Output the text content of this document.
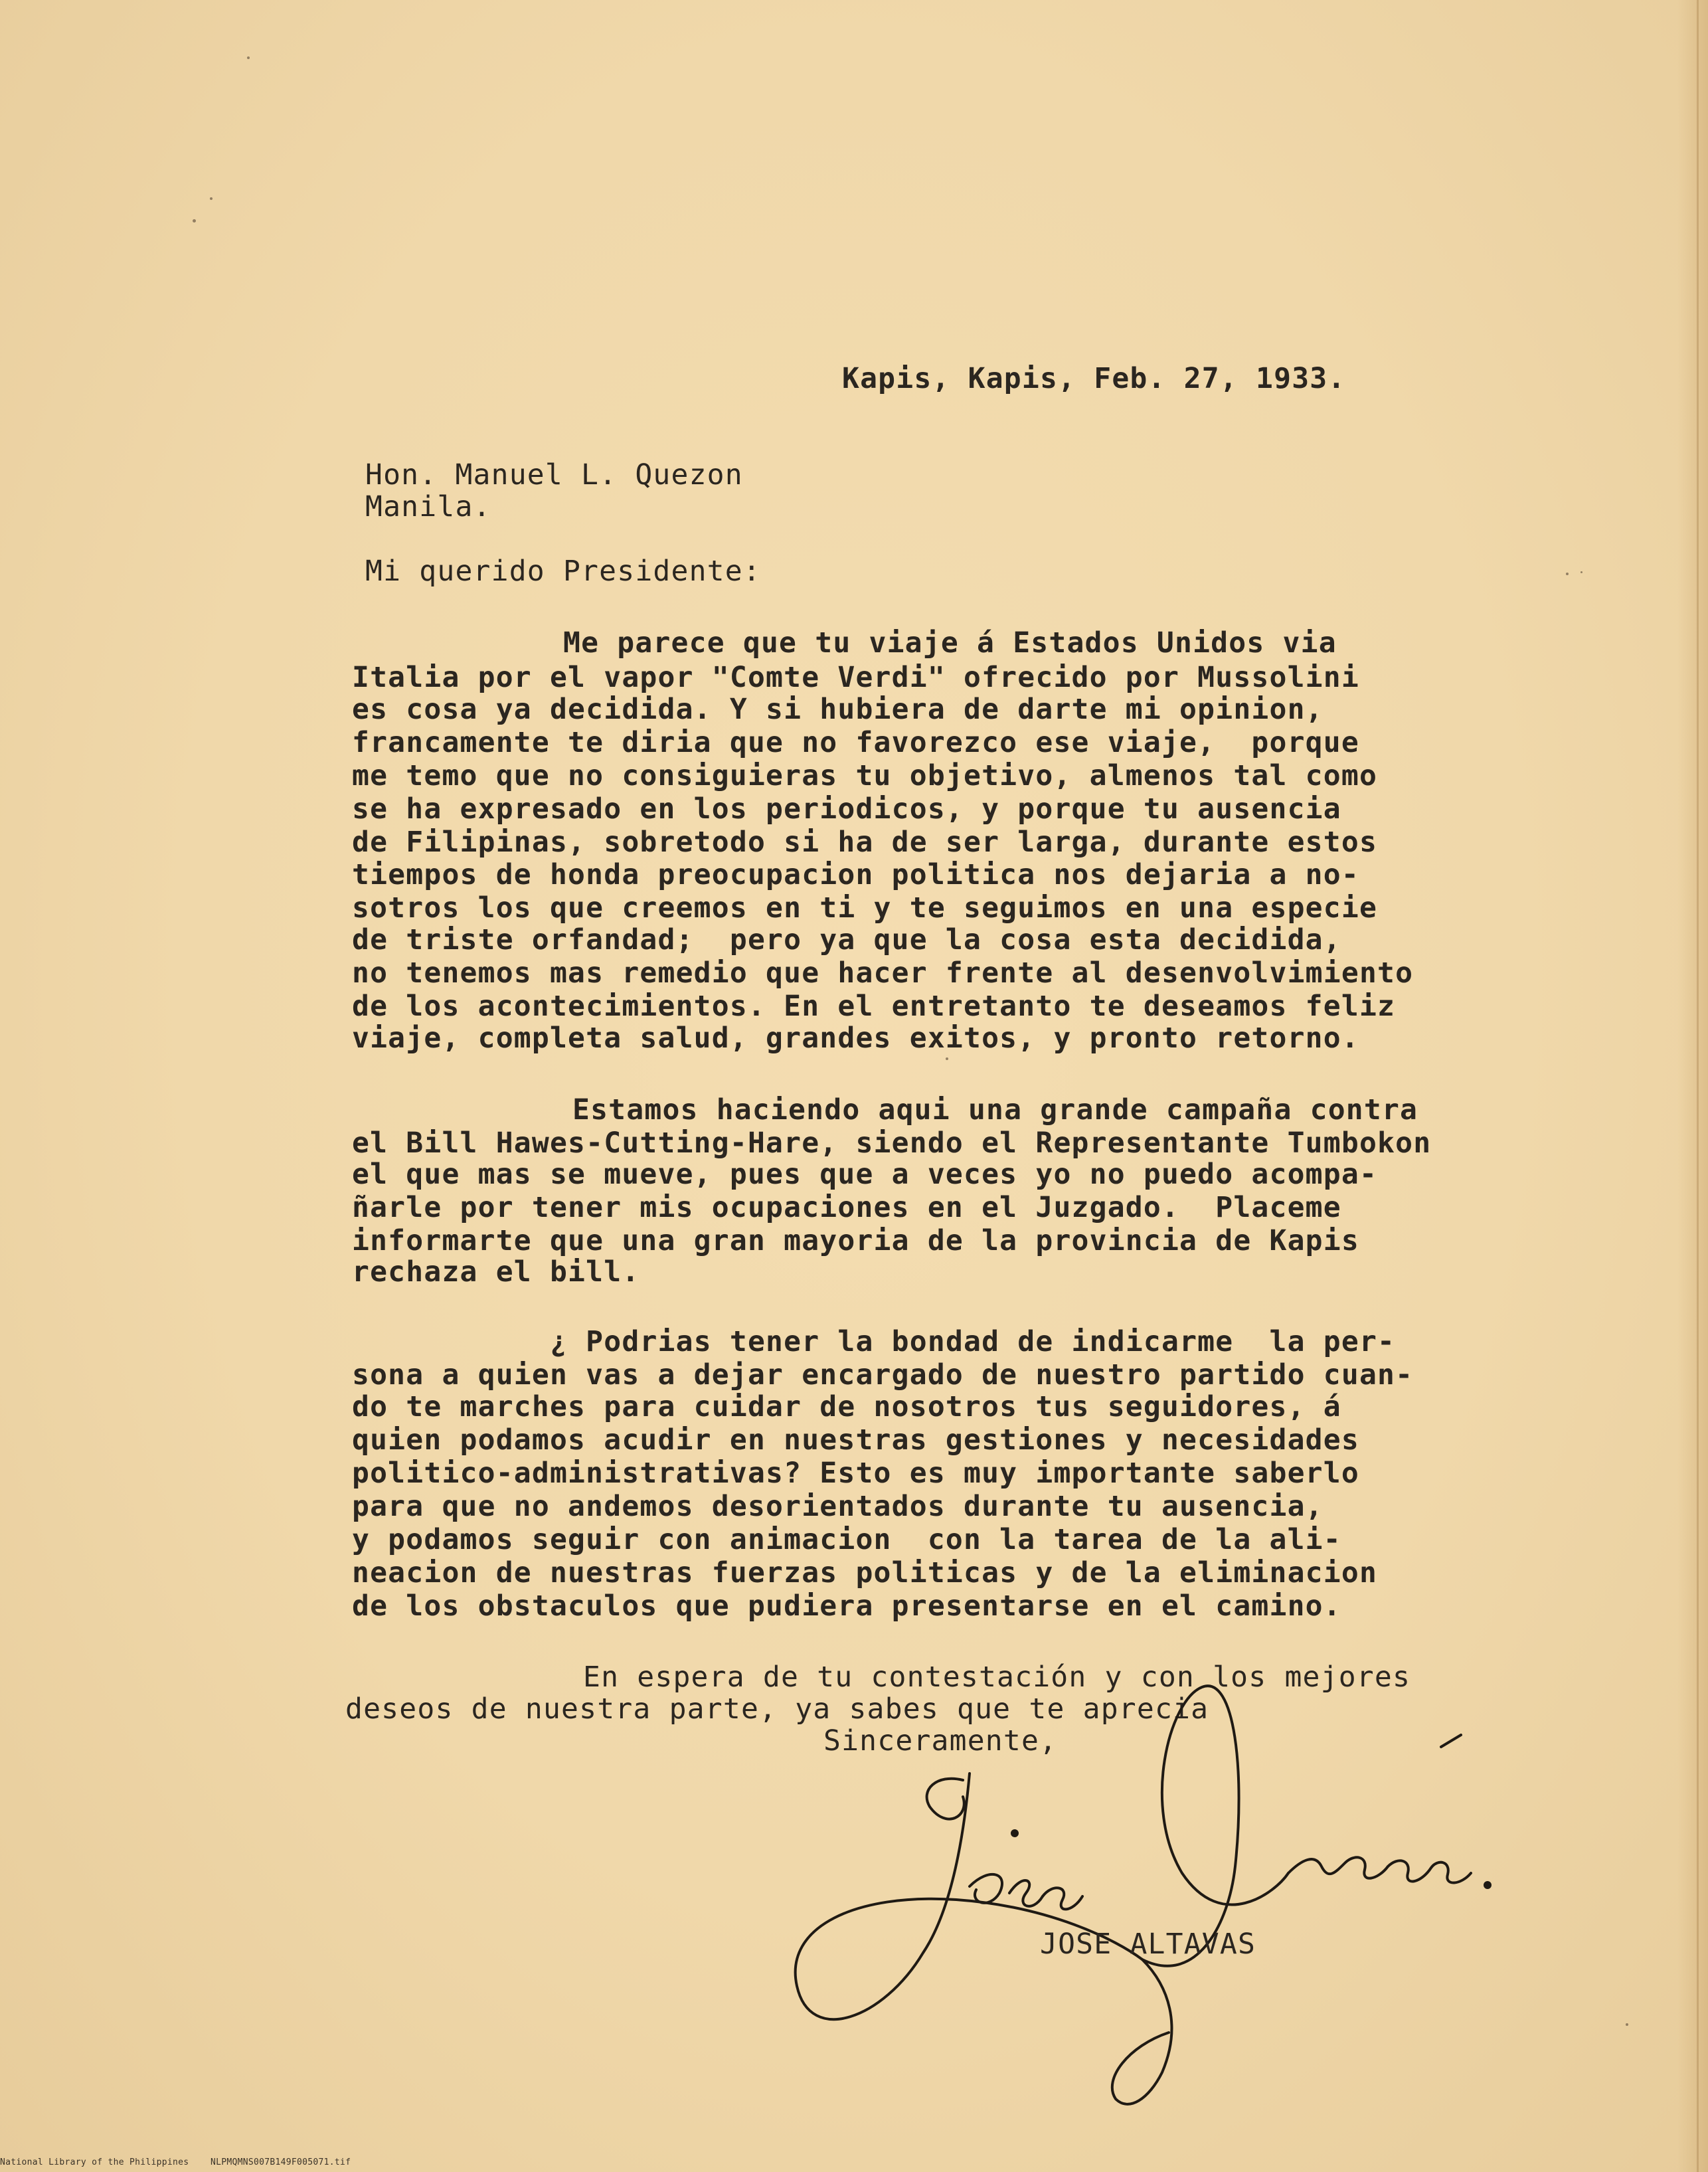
Kapis, Kapis, Feb. 27, 1933.
Hon. Manuel L. Quezon
Manila.
Mi querido Presidente:
Me parece que tu viaje á Estados Unidos via
Italia por el vapor "Comte Verdi" ofrecido por Mussolini
es cosa ya decidida. Y si hubiera de darte mi opinion,
francamente te diria que no favorezco ese viaje,  porque
me temo que no consiguieras tu objetivo, almenos tal como
se ha expresado en los periodicos, y porque tu ausencia
de Filipinas, sobretodo si ha de ser larga, durante estos
tiempos de honda preocupacion politica nos dejaria a no-
sotros los que creemos en ti y te seguimos en una especie
de triste orfandad;  pero ya que la cosa esta decidida,
no tenemos mas remedio que hacer frente al desenvolvimiento
de los acontecimientos. En el entretanto te deseamos feliz
viaje, completa salud, grandes exitos, y pronto retorno.
Estamos haciendo aqui una grande campaña contra
el Bill Hawes-Cutting-Hare, siendo el Representante Tumbokon
el que mas se mueve, pues que a veces yo no puedo acompa-
ñarle por tener mis ocupaciones en el Juzgado.  Placeme
informarte que una gran mayoria de la provincia de Kapis
rechaza el bill.
¿ Podrias tener la bondad de indicarme  la per-
sona a quien vas a dejar encargado de nuestro partido cuan-
do te marches para cuidar de nosotros tus seguidores, á
quien podamos acudir en nuestras gestiones y necesidades
politico-administrativas? Esto es muy importante saberlo
para que no andemos desorientados durante tu ausencia,
y podamos seguir con animacion  con la tarea de la ali-
neacion de nuestras fuerzas politicas y de la eliminacion
de los obstaculos que pudiera presentarse en el camino.
En espera de tu contestación y con los mejores
deseos de nuestra parte, ya sabes que te aprecia
Sinceramente,
JOSE ALTAVAS
National Library of the Philippines    NLPMQMNS007B149F005071.tif
